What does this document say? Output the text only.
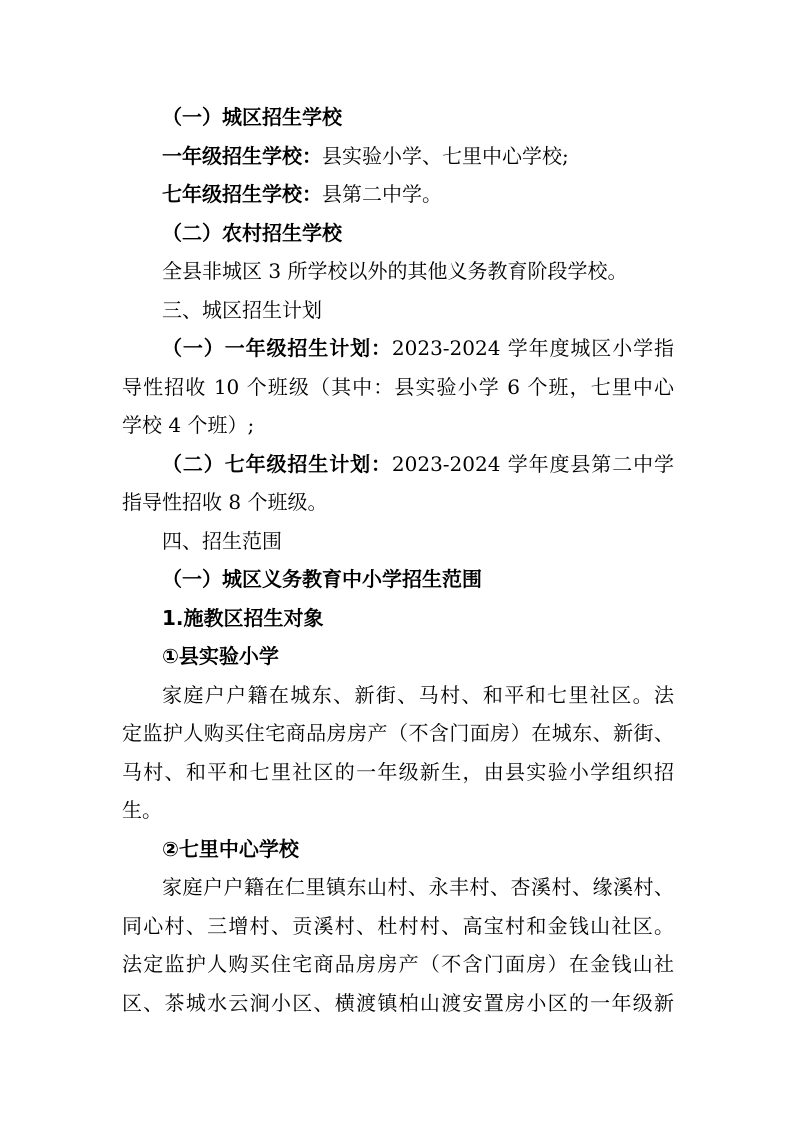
（一）城区招生学校

一年级招生学校：县实验小学、七里中心学校;

七年级招生学校：县第二中学。

（二）农村招生学校

全县非城区 3 所学校以外的其他义务教育阶段学校。

三、城区招生计划

（一）一年级招生计划：2023-2024 学年度城区小学指

导性招收 10 个班级（其中：县实验小学 6 个班，七里中心

学校 4 个班）;

（二）七年级招生计划：2023-2024 学年度县第二中学

指导性招收 8 个班级。

四、招生范围

（一）城区义务教育中小学招生范围

1.施教区招生对象

①县实验小学

家庭户户籍在城东、新街、马村、和平和七里社区。法

定监护人购买住宅商品房房产（不含门面房）在城东、新街、

马村、和平和七里社区的一年级新生，由县实验小学组织招

生。

②七里中心学校

家庭户户籍在仁里镇东山村、永丰村、杏溪村、缘溪村、

同心村、三增村、贡溪村、杜村村、高宝村和金钱山社区。

法定监护人购买住宅商品房房产（不含门面房）在金钱山社

区、茶城水云涧小区、横渡镇柏山渡安置房小区的一年级新
